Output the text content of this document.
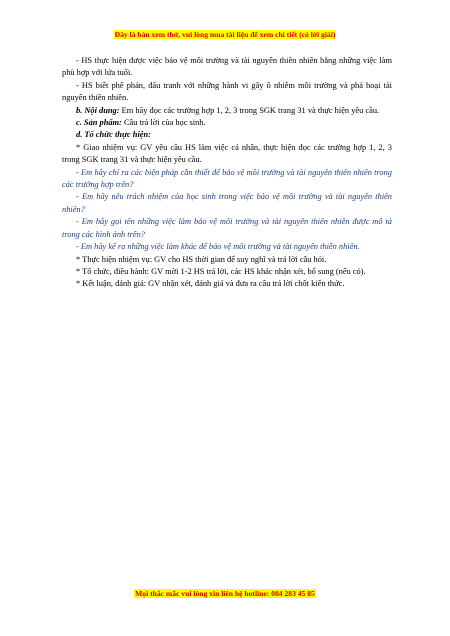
Đây là bản xem thử, vui lòng mua tài liệu để xem chi tiết (có lời giải)

- HS thực hiện được việc bảo vệ môi trường và tài nguyên thiên nhiên bằng những việc làm phù hợp với lứa tuổi.

- HS biết phê phán, đấu tranh với những hành vi gây ô nhiễm môi trường và phá hoại tài nguyên thiên nhiên.

b. Nội dung: Em hãy đọc các trường hợp 1, 2, 3 trong SGK trang 31 và thực hiện yêu cầu.

c. Sản phẩm: Câu trả lời của học sinh.

d. Tổ chức thực hiện:

* Giao nhiệm vụ: GV yêu cầu HS làm việc cá nhân, thực hiện đọc các trường hợp 1, 2, 3 trong SGK trang 31 và thực hiện yêu cầu.

- Em hãy chỉ ra các biện pháp cần thiết để bảo vệ môi trường và tài nguyên thiên nhiên trong các trường hợp trên?

- Em hãy nêu trách nhiệm của học sinh trong việc bảo vệ môi trường và tài nguyên thiên nhiên?

- Em hãy gọi tên những việc làm bảo vệ môi trường và tài nguyên thiên nhiên được mô tả trong các hình ảnh trên?

- Em hãy kể ra những việc làm khác để bảo vệ môi trường và tài nguyên thiên nhiên.

* Thực hiện nhiệm vụ: GV cho HS thời gian để suy nghĩ và trả lời câu hỏi.

* Tổ chức, điều hành: GV mời 1-2 HS trả lời, các HS khác nhận xét, bổ sung (nếu có).

* Kết luận, đánh giá: GV nhận xét, đánh giá và đưa ra câu trả lời chốt kiến thức.

Mọi thắc mắc vui lòng xin liên hệ hotline: 084 283 45 85
